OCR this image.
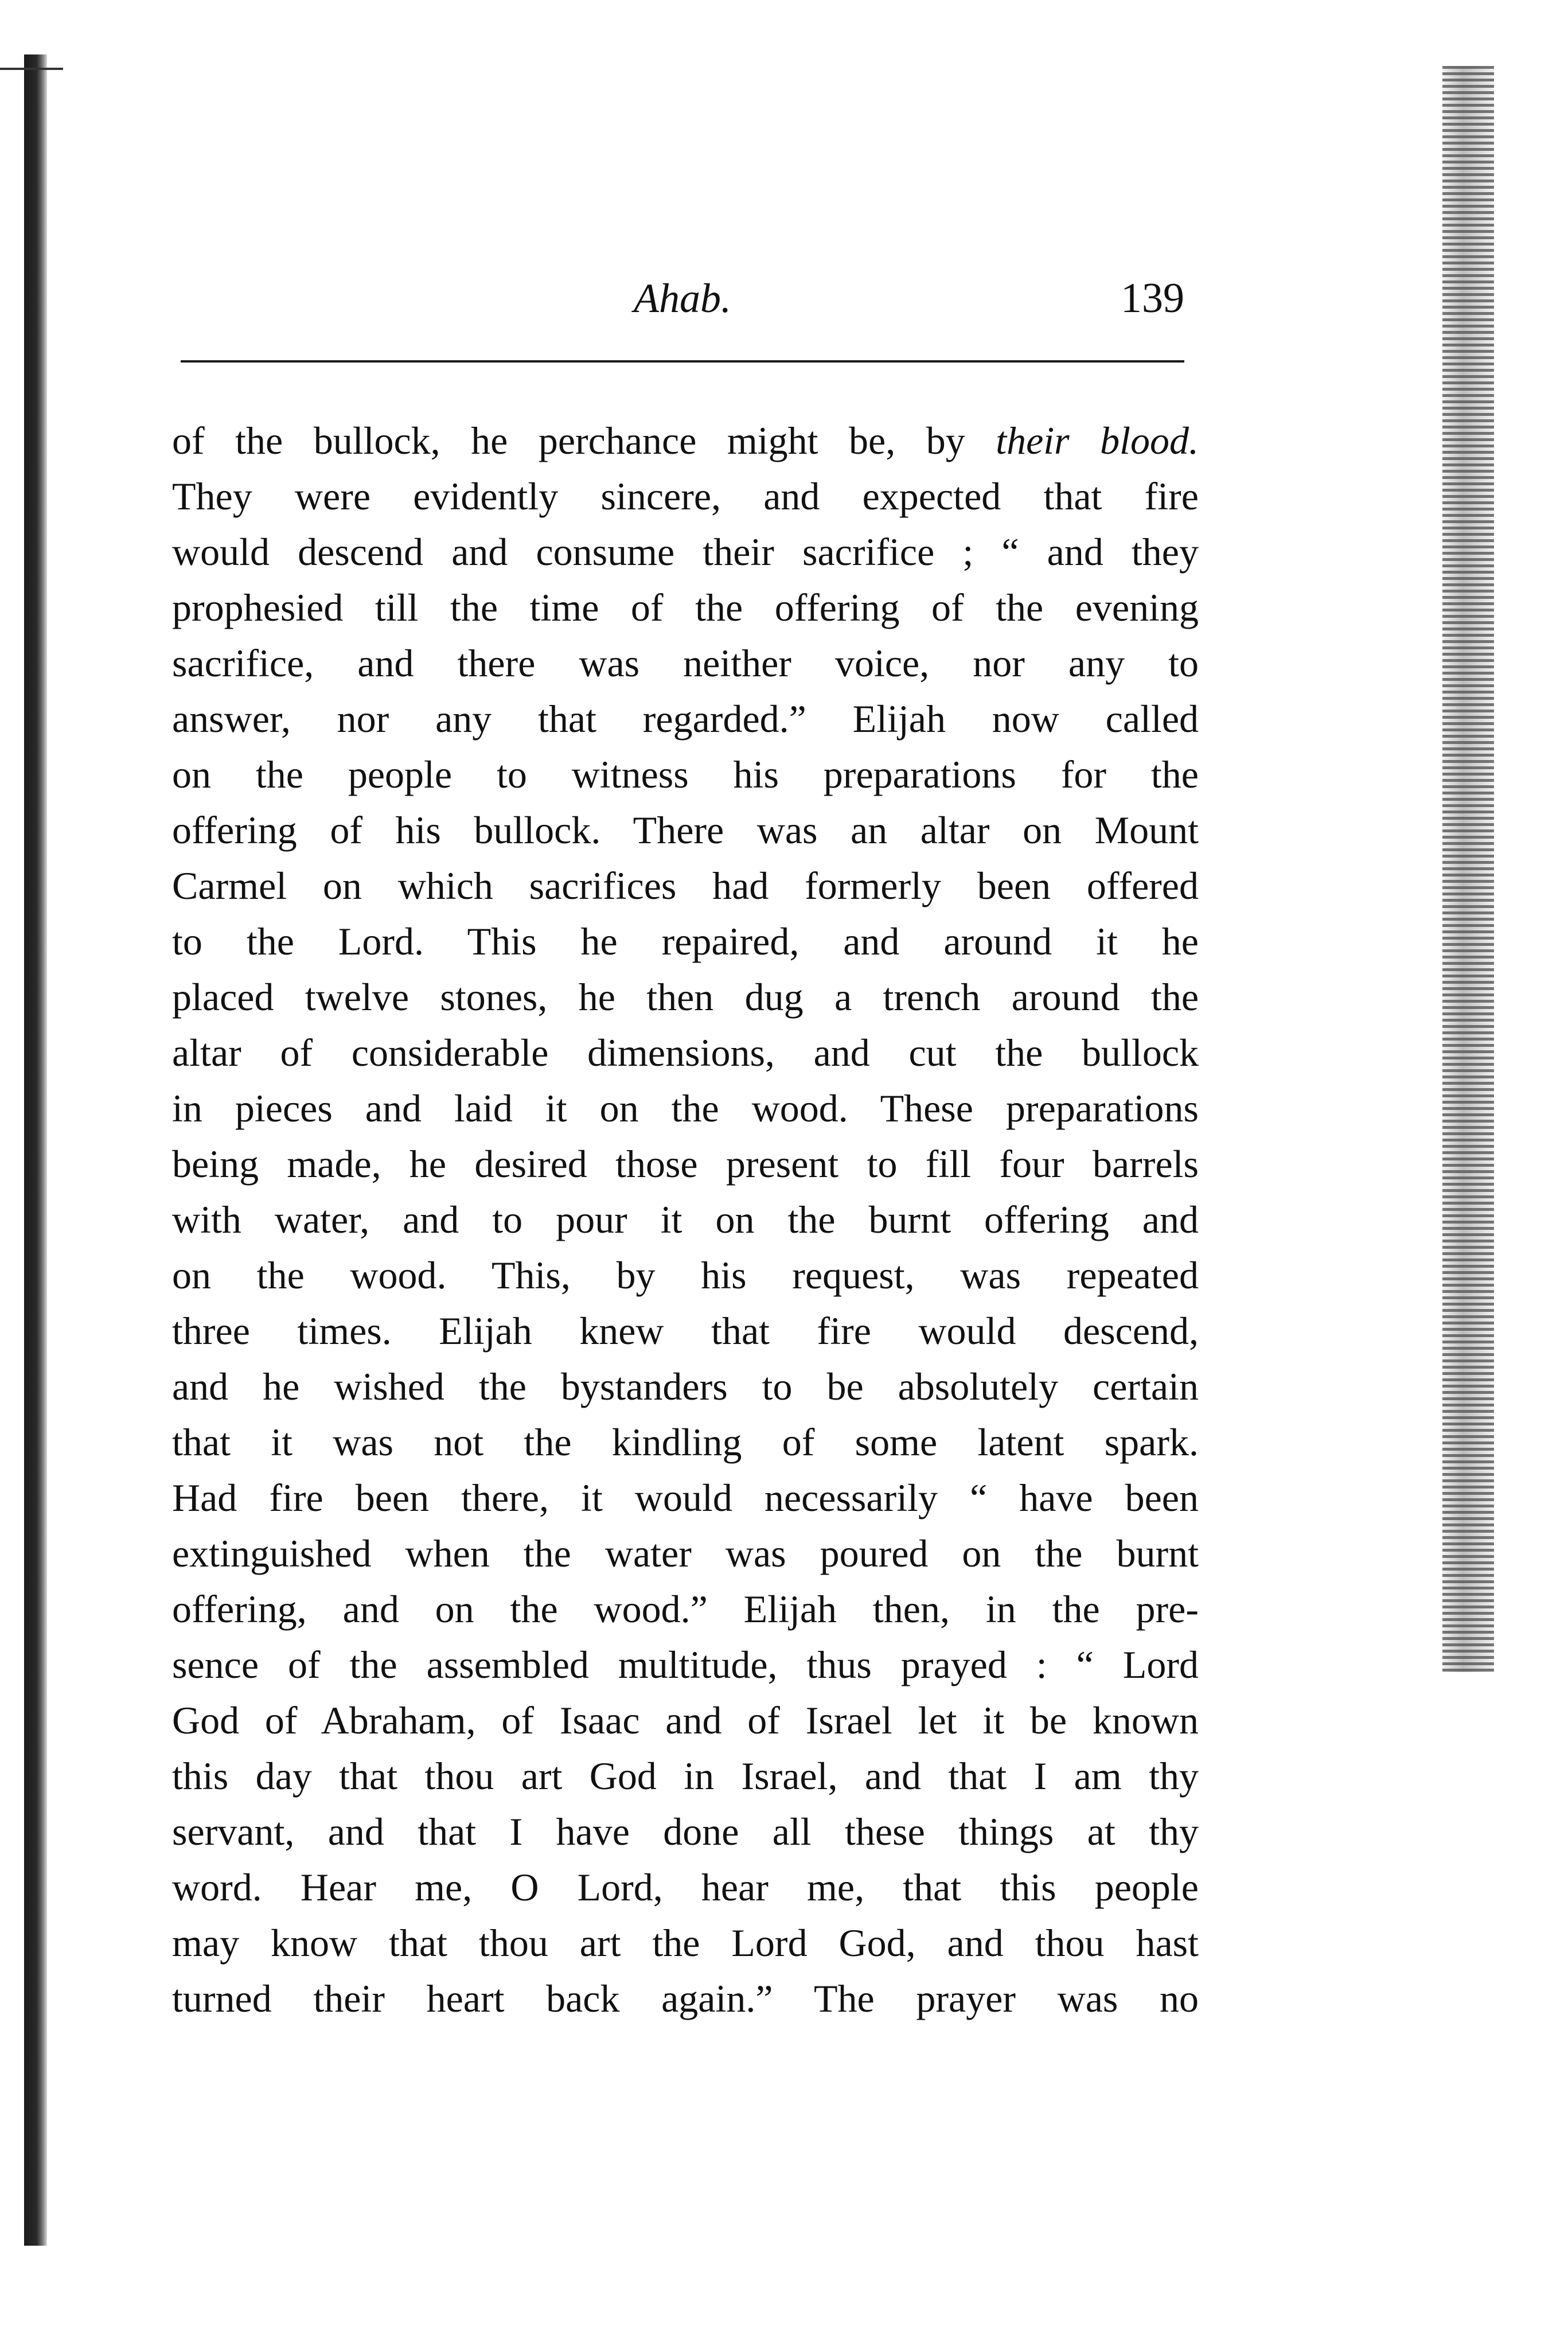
Ahab.	139
of the bullock, he perchance might be, by their blood.
They were evidently sincere, and expected that fire
would descend and consume their sacrifice ; “ and they
prophesied till the time of the offering of the evening
sacrifice, and there was neither voice, nor any to
answer, nor any that regarded.” Elijah now called
on the people to witness his preparations for the
offering of his bullock. There was an altar on Mount
Carmel on which sacrifices had formerly been offered
to the Lord. This he repaired, and around it he
placed twelve stones, he then dug a trench around the
altar of considerable dimensions, and cut the bullock
in pieces and laid it on the wood. These preparations
being made, he desired those present to fill four barrels
with water, and to pour it on the burnt offering and
on the wood. This, by his request, was repeated
three times. Elijah knew that fire would descend,
and he wished the bystanders to be absolutely certain
that it was not the kindling of some latent spark.
Had fire been there, it would necessarily “ have been
extinguished when the water was poured on the burnt
offering, and on the wood.” Elijah then, in the pre-
sence of the assembled multitude, thus prayed : “ Lord
God of Abraham, of Isaac and of Israel let it be known
this day that thou art God in Israel, and that I am thy
servant, and that I have done all these things at thy
word. Hear me, O Lord, hear me, that this people
may know that thou art the Lord God, and thou hast
turned their heart back again.” The prayer was no
